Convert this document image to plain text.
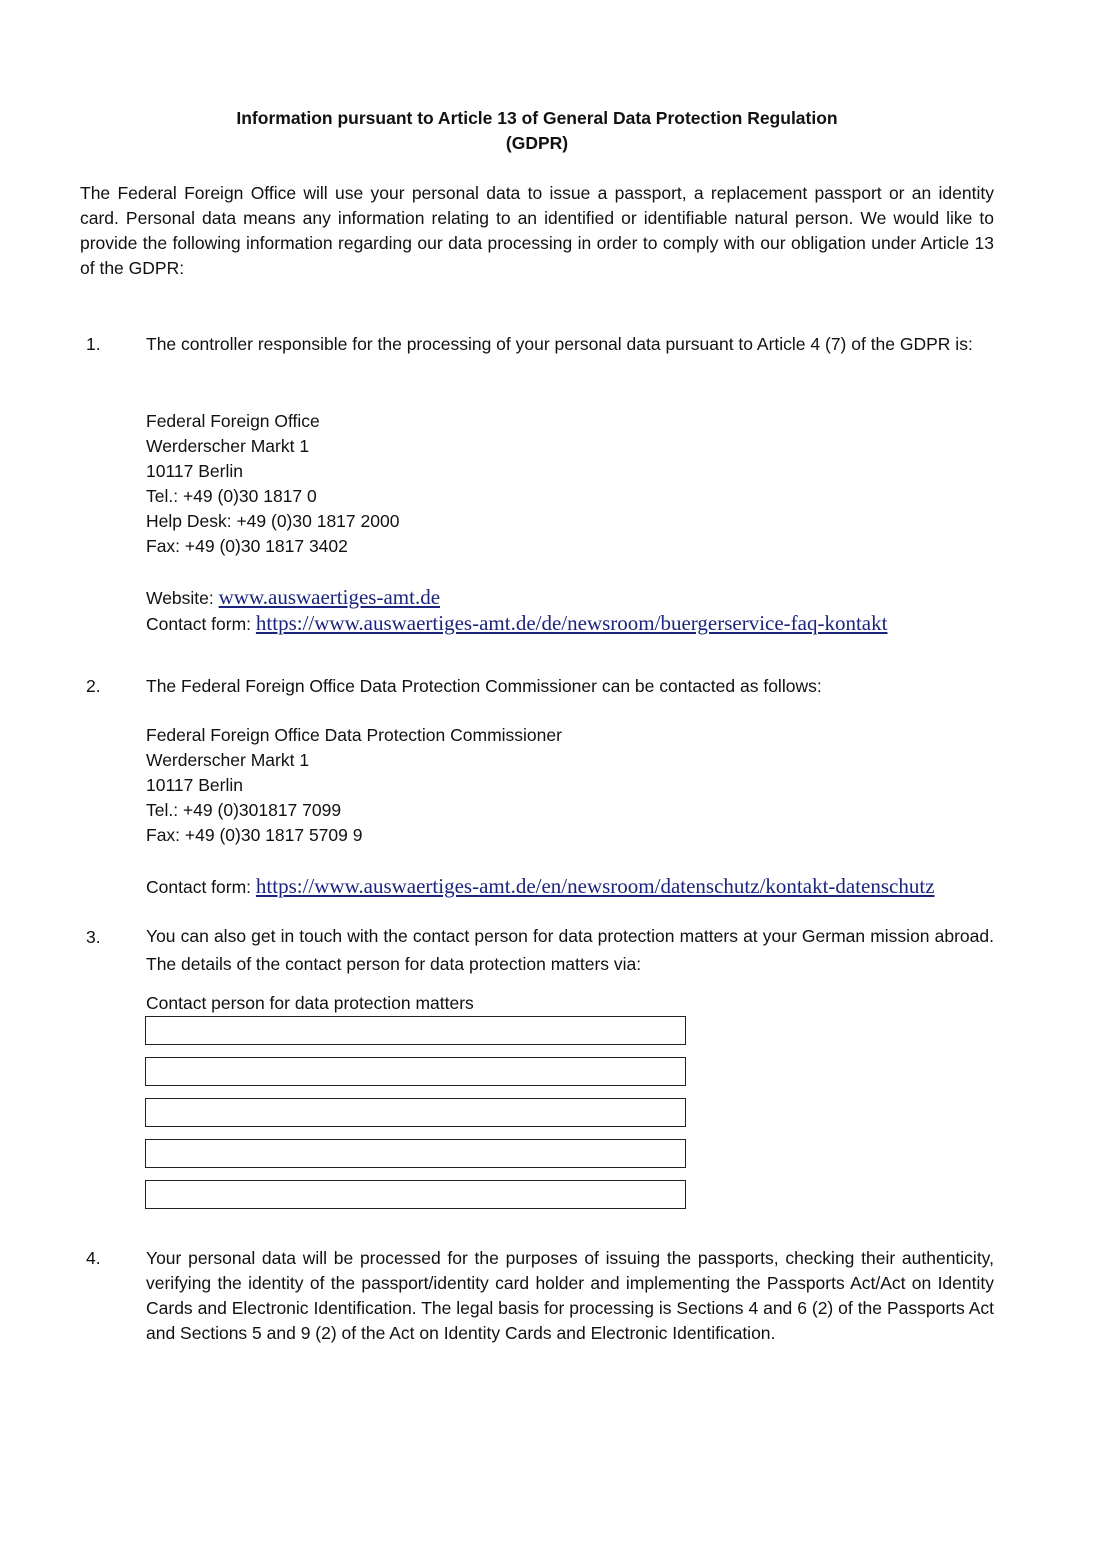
Information pursuant to Article 13 of General Data Protection Regulation
(GDPR)
The Federal Foreign Office will use your personal data to issue a passport, a replacement passport or an identity card. Personal data means any information relating to an identified or identifiable natural person. We would like to provide the following information regarding our data processing in order to comply with our obligation under Article 13 of the GDPR:
1.	The controller responsible for the processing of your personal data pursuant to Article 4 (7) of the GDPR is:
Federal Foreign Office
Werderscher Markt 1
10117 Berlin
Tel.: +49 (0)30 1817 0
Help Desk: +49 (0)30 1817 2000
Fax: +49 (0)30 1817 3402
Website: www.auswaertiges-amt.de
Contact form: https://www.auswaertiges-amt.de/de/newsroom/buergerservice-faq-kontakt
2.	The Federal Foreign Office Data Protection Commissioner can be contacted as follows:
Federal Foreign Office Data Protection Commissioner
Werderscher Markt 1
10117 Berlin
Tel.: +49 (0)301817 7099
Fax: +49 (0)30 1817 5709 9
Contact form: https://www.auswaertiges-amt.de/en/newsroom/datenschutz/kontakt-datenschutz
3.	You can also get in touch with the contact person for data protection matters at your German mission abroad. The details of the contact person for data protection matters via:
Contact person for data protection matters
4.	Your personal data will be processed for the purposes of issuing the passports, checking their authenticity, verifying the identity of the passport/identity card holder and implementing the Passports Act/Act on Identity Cards and Electronic Identification. The legal basis for processing is Sections 4 and 6 (2) of the Passports Act and Sections 5 and 9 (2) of the Act on Identity Cards and Electronic Identification.
